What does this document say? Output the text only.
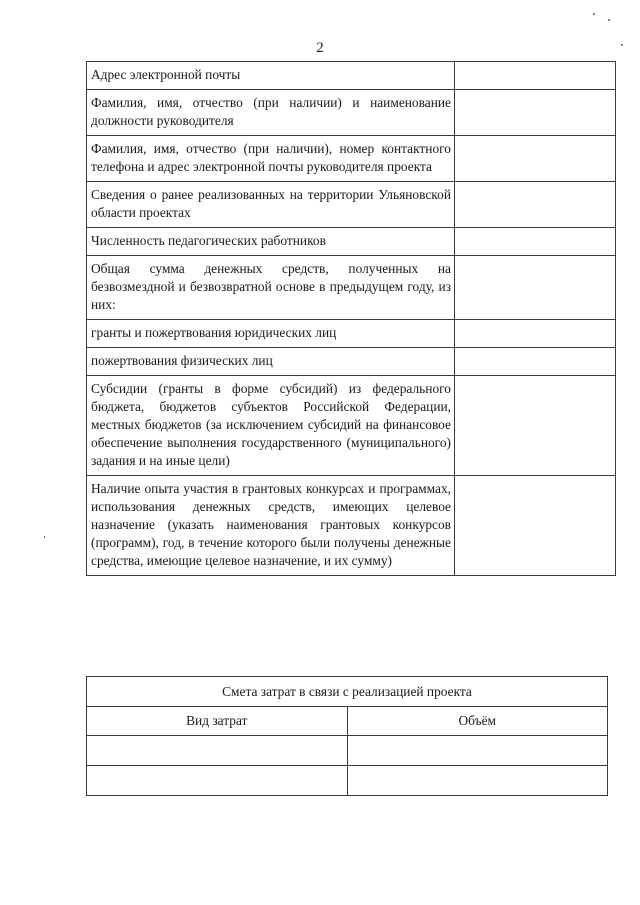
2
Адрес электронной почты	
Фамилия, имя, отчество (при наличии) и наименование должности руководителя	
Фамилия, имя, отчество (при наличии), номер контактного телефона и адрес электронной почты руководителя проекта	
Сведения о ранее реализованных на территории Ульяновской области проектах	
Численность педагогических работников	
Общая сумма денежных средств, полученных на безвозмездной и безвозвратной основе в предыдущем году, из них:	
гранты и пожертвования юридических лиц	
пожертвования физических лиц	
Субсидии (гранты в форме субсидий) из федерального бюджета, бюджетов субъектов Российской Федерации, местных бюджетов (за исключением субсидий на финансовое обеспечение выполнения государственного (муниципального) задания и на иные цели)	
Наличие опыта участия в грантовых конкурсах и программах, использования денежных средств, имеющих целевое назначение (указать наименования грантовых конкурсов (программ), год, в течение которого были получены денежные средства, имеющие целевое назначение, и их сумму)	
Смета затрат в связи с реализацией проекта	
Вид затрат	Объём
